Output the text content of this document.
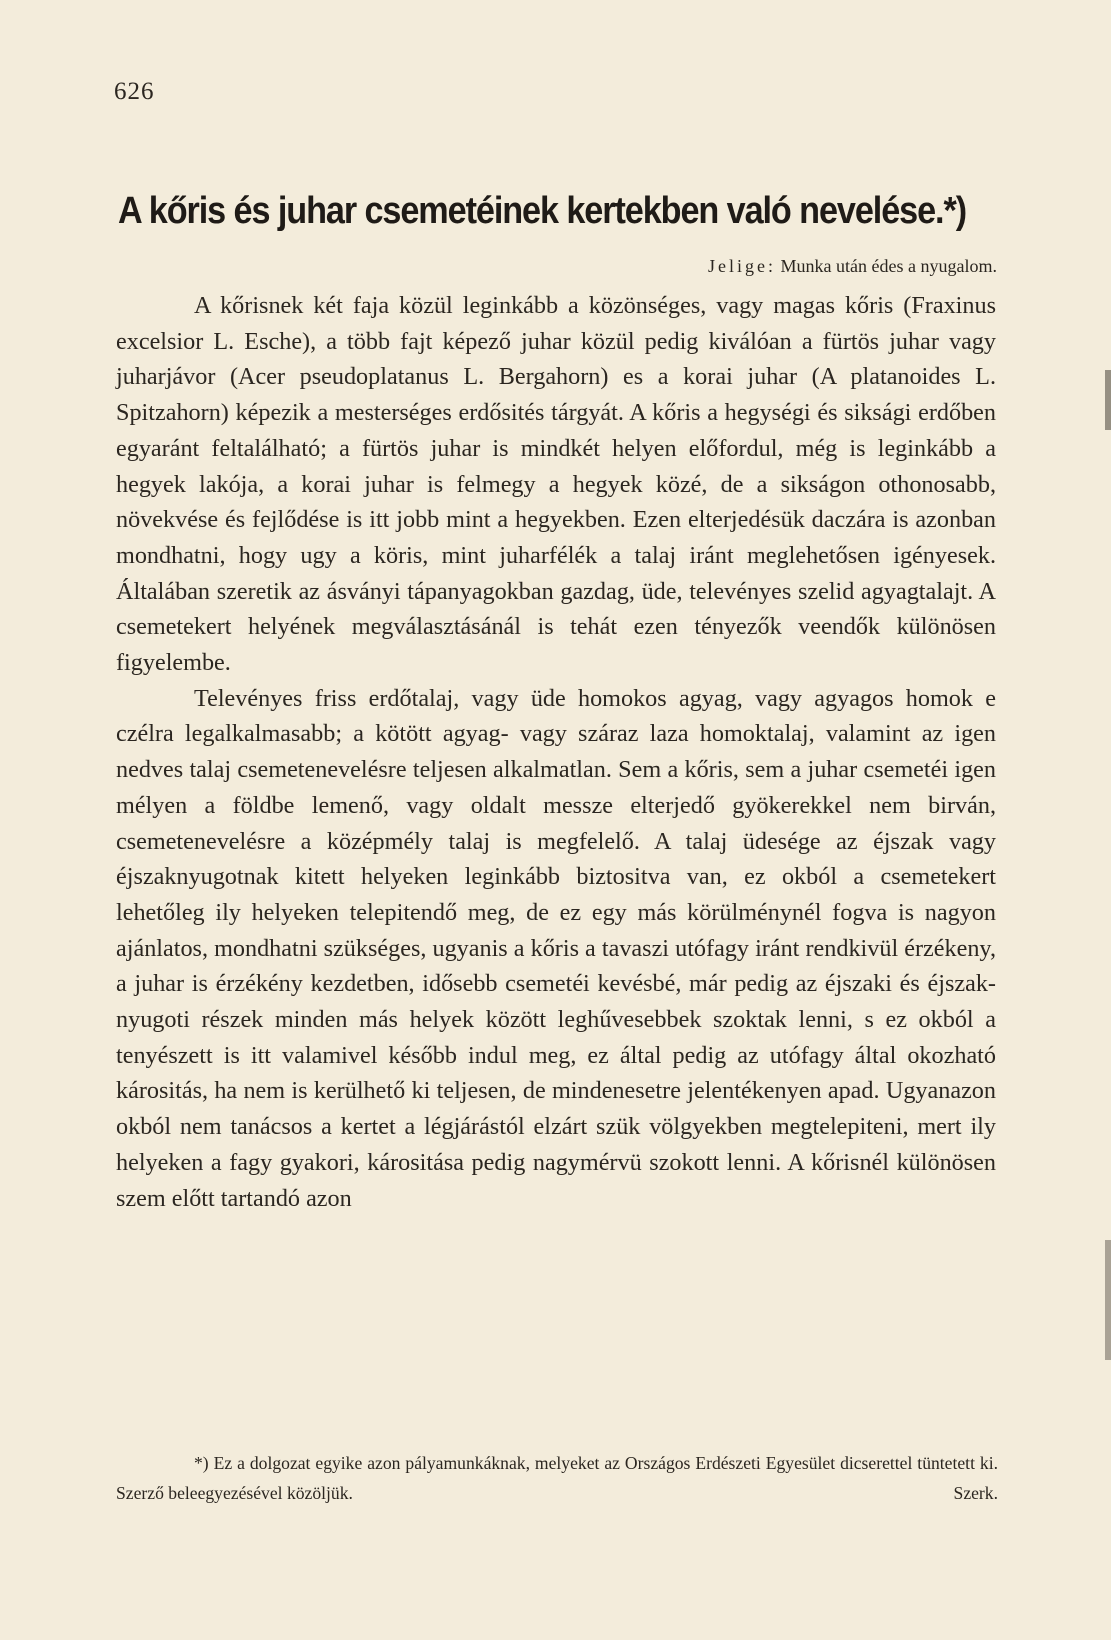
626
A kőris és juhar csemetéinek kertekben való nevelése.*)
Jelige: Munka után édes a nyugalom.

A kőrisnek két faja közül leginkább a közönséges, vagy magas kőris (Fraxinus excelsior L. Esche), a több fajt képező juhar közül pedig kiválóan a fürtös juhar vagy juharjávor (Acer pseudoplatanus L. Bergahorn) es a korai juhar (A platanoides L. Spitzahorn) képezik a mesterséges erdősités tárgyát. A kőris a hegységi és siksági erdőben egyaránt feltalálható; a fürtös juhar is mindkét helyen előfordul, még is leginkább a hegyek lakója, a korai juhar is felmegy a hegyek közé, de a sikságon othonosabb, növekvése és fejlődése is itt jobb mint a hegyekben. Ezen elterjedésük daczára is azonban mondhatni, hogy ugy a köris, mint juharfélék a talaj iránt meglehetősen igényesek. Általában szeretik az ásványi tápanyagokban gazdag, üde, televényes szelid agyagtalajt. A csemetekert helyének megválasztásánál is tehát ezen tényezők veendők különösen figyelembe.

Televényes friss erdőtalaj, vagy üde homokos agyag, vagy agyagos homok e czélra legalkalmasabb; a kötött agyag- vagy száraz laza homoktalaj, valamint az igen nedves talaj csemetenevelésre teljesen alkalmatlan. Sem a kőris, sem a juhar csemetéi igen mélyen a földbe lemenő, vagy oldalt messze elterjedő gyökerekkel nem birván, csemetenevelésre a középmély talaj is megfelelő. A talaj üdesége az éjszak vagy éjszaknyugotnak kitett helyeken leginkább biztositva van, ez okból a csemetekert lehetőleg ily helyeken telepitendő meg, de ez egy más körülménynél fogva is nagyon ajánlatos, mondhatni szükséges, ugyanis a kőris a tavaszi utófagy iránt rendkivül érzékeny, a juhar is érzékény kezdetben, idősebb csemetéi kevésbé, már pedig az éjszaki és éjszak-nyugoti részek minden más helyek között leghűvesebbek szoktak lenni, s ez okból a tenyészett is itt valamivel később indul meg, ez által pedig az utófagy által okozható kárositás, ha nem is kerülhető ki teljesen, de mindenesetre jelentékenyen apad. Ugyanazon okból nem tanácsos a kertet a légjárástól elzárt szük völgyekben megtelepiteni, mert ily helyeken a fagy gyakori, kárositása pedig nagymérvü szokott lenni. A kőrisnél különösen szem előtt tartandó azon

*) Ez a dolgozat egyike azon pályamunkáknak, melyeket az Országos Erdészeti Egyesület dicserettel tüntetett ki. Szerző beleegyezésével közöljük.	Szerk.
